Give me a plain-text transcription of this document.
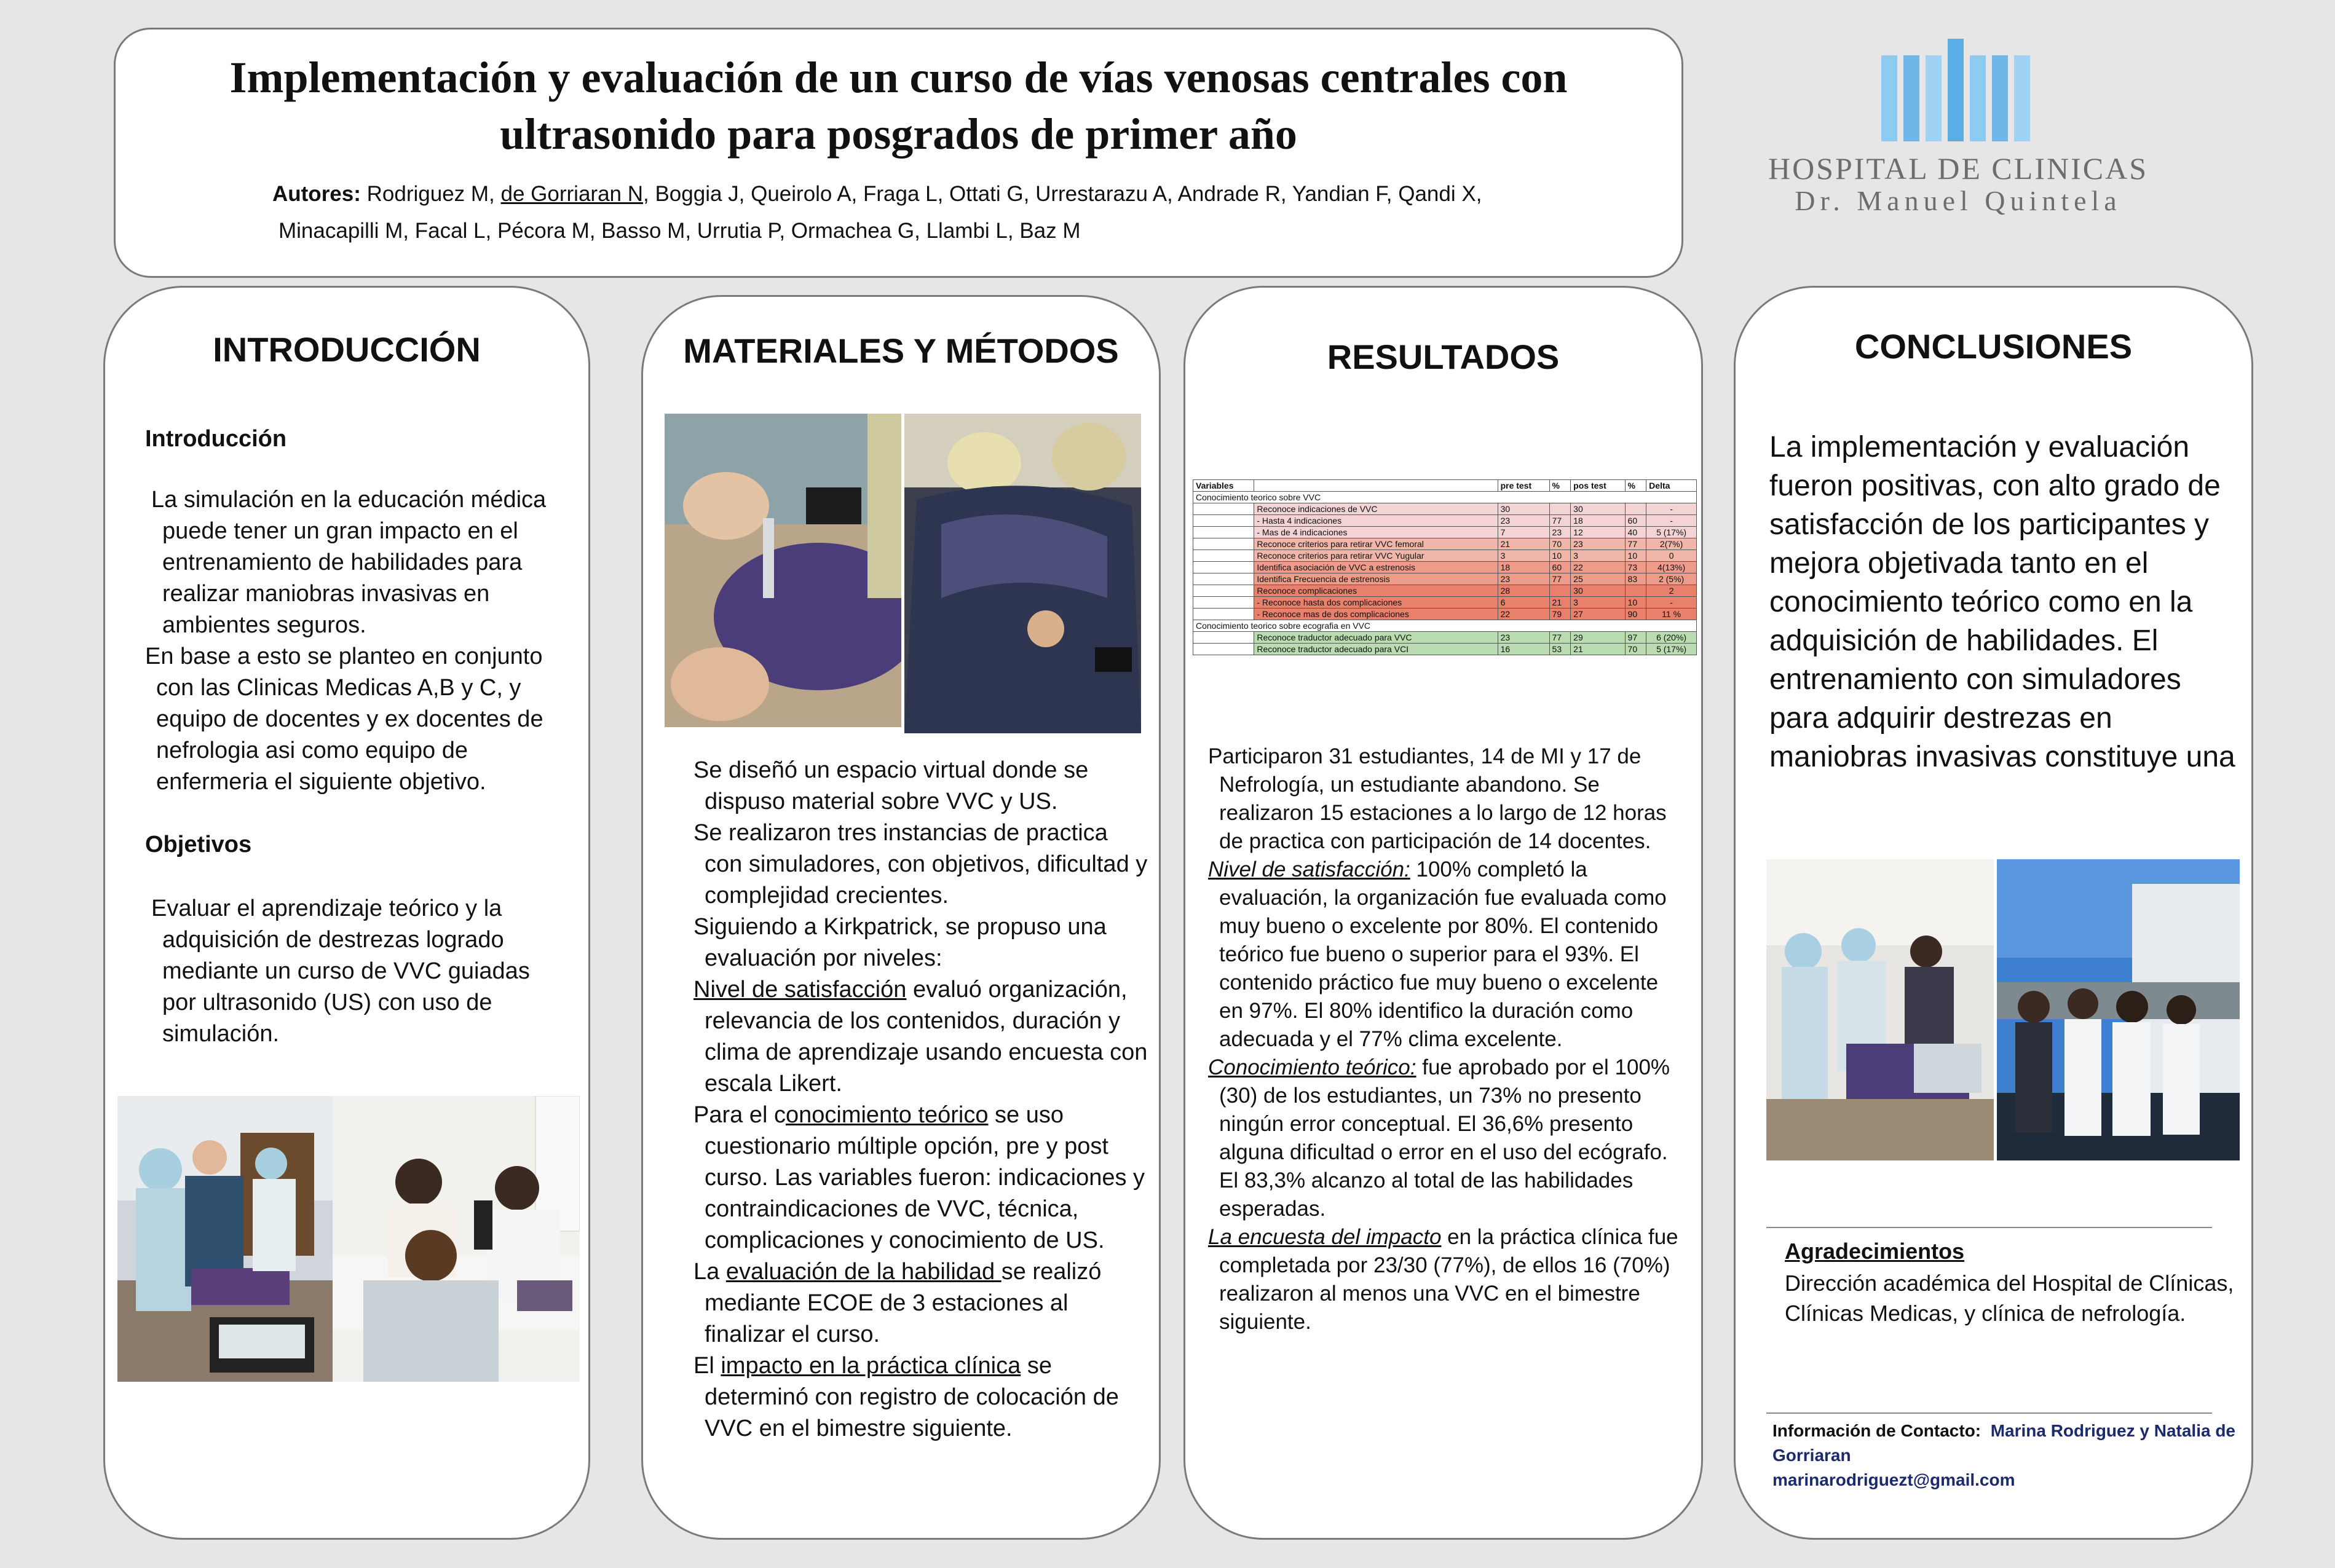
Implementación y evaluación de un curso de vías venosas centrales con
ultrasonido para posgrados de primer año
Autores: Rodriguez M, de Gorriaran N, Boggia J, Queirolo A, Fraga L, Ottati G, Urrestarazu A, Andrade R, Yandian F, Qandi X,
Minacapilli M, Facal L, Pécora M, Basso M, Urrutia P, Ormachea G, Llambi L, Baz M
HOSPITAL DE CLINICAS
Dr. Manuel Quintela
INTRODUCCIÓN
Introducción

La simulación en la educación médica puede tener un gran impacto en el entrenamiento de habilidades para realizar maniobras invasivas en ambientes seguros.

En base a esto se planteo en conjunto con las Clinicas Medicas A,B y C, y equipo de docentes y ex docentes de nefrologia asi como equipo de enfermeria el siguiente objetivo.

Objetivos

Evaluar el aprendizaje teórico y la adquisición de destrezas logrado mediante un curso de VVC guiadas por ultrasonido (US) con uso de simulación.

MATERIALES Y MÉTODOS

Se diseñó un espacio virtual donde se dispuso material sobre VVC y US.

Se realizaron tres instancias de practica con simuladores, con objetivos, dificultad y complejidad crecientes.

Siguiendo a Kirkpatrick, se propuso una evaluación por niveles:

Nivel de satisfacción evaluó organización, relevancia de los contenidos, duración y clima de aprendizaje usando encuesta con escala Likert.

Para el conocimiento teórico se uso cuestionario múltiple opción, pre y post curso. Las variables fueron: indicaciones y contraindicaciones de VVC, técnica, complicaciones y conocimiento de US.

La evaluación de la habilidad se realizó mediante ECOE de 3 estaciones al finalizar el curso.

El impacto en la práctica clínica se determinó con registro de colocación de VVC en el bimestre siguiente.

RESULTADOS
Variables		pre test	%	pos test	%	Delta
Conocimiento teorico sobre VVC						
	Reconoce indicaciones de VVC	30		30		-
	- Hasta 4 indicaciones	23	77	18	60	-
	- Mas de 4 indicaciones	7	23	12	40	5 (17%)
	Reconoce criterios para retirar VVC femoral	21	70	23	77	2(7%)
	Reconoce criterios para retirar VVC Yugular	3	10	3	10	0
	Identifica asociación de VVC a estrenosis	18	60	22	73	4(13%)
	Identifica Frecuencia de estrenosis	23	77	25	83	2 (5%)
	Reconoce complicaciones	28		30		2
	- Reconoce hasta dos complicaciones	6	21	3	10	-
	- Reconoce mas de dos complicaciones	22	79	27	90	11 %
Conocimiento teorico sobre ecografia en VVC						
	Reconoce traductor adecuado para VVC	23	77	29	97	6 (20%)
	Reconoce traductor adecuado para VCI	16	53	21	70	5 (17%)

Participaron 31 estudiantes, 14 de MI y 17 de Nefrología, un estudiante abandono. Se realizaron 15 estaciones a lo largo de 12 horas de practica con participación de 14 docentes.

Nivel de satisfacción: 100% completó la evaluación, la organización fue evaluada como muy bueno o excelente por 80%. El contenido teórico fue bueno o superior para el 93%. El contenido práctico fue muy bueno o excelente en 97%. El 80% identifico la duración como adecuada y el 77% clima excelente.

Conocimiento teórico: fue aprobado por el 100% (30) de los estudiantes, un 73% no presento ningún error conceptual. El 36,6% presento alguna dificultad o error en el uso del ecógrafo. El 83,3% alcanzo al total de las habilidades esperadas.

La encuesta del impacto en la práctica clínica fue completada por 23/30 (77%), de ellos 16 (70%) realizaron al menos una VVC en el bimestre siguiente.

CONCLUSIONES
La implementación y evaluación fueron positivas, con alto grado de satisfacción de los participantes y mejora objetivada tanto en el conocimiento teórico como en la adquisición de habilidades. El entrenamiento con simuladores para adquirir destrezas en maniobras invasivas constituye una
Agradecimientos
Dirección académica del Hospital de Clínicas, Clínicas Medicas, y clínica de nefrología.
Información de Contacto: Marina Rodriguez y Natalia de Gorriaran
marinarodriguezt@gmail.com
